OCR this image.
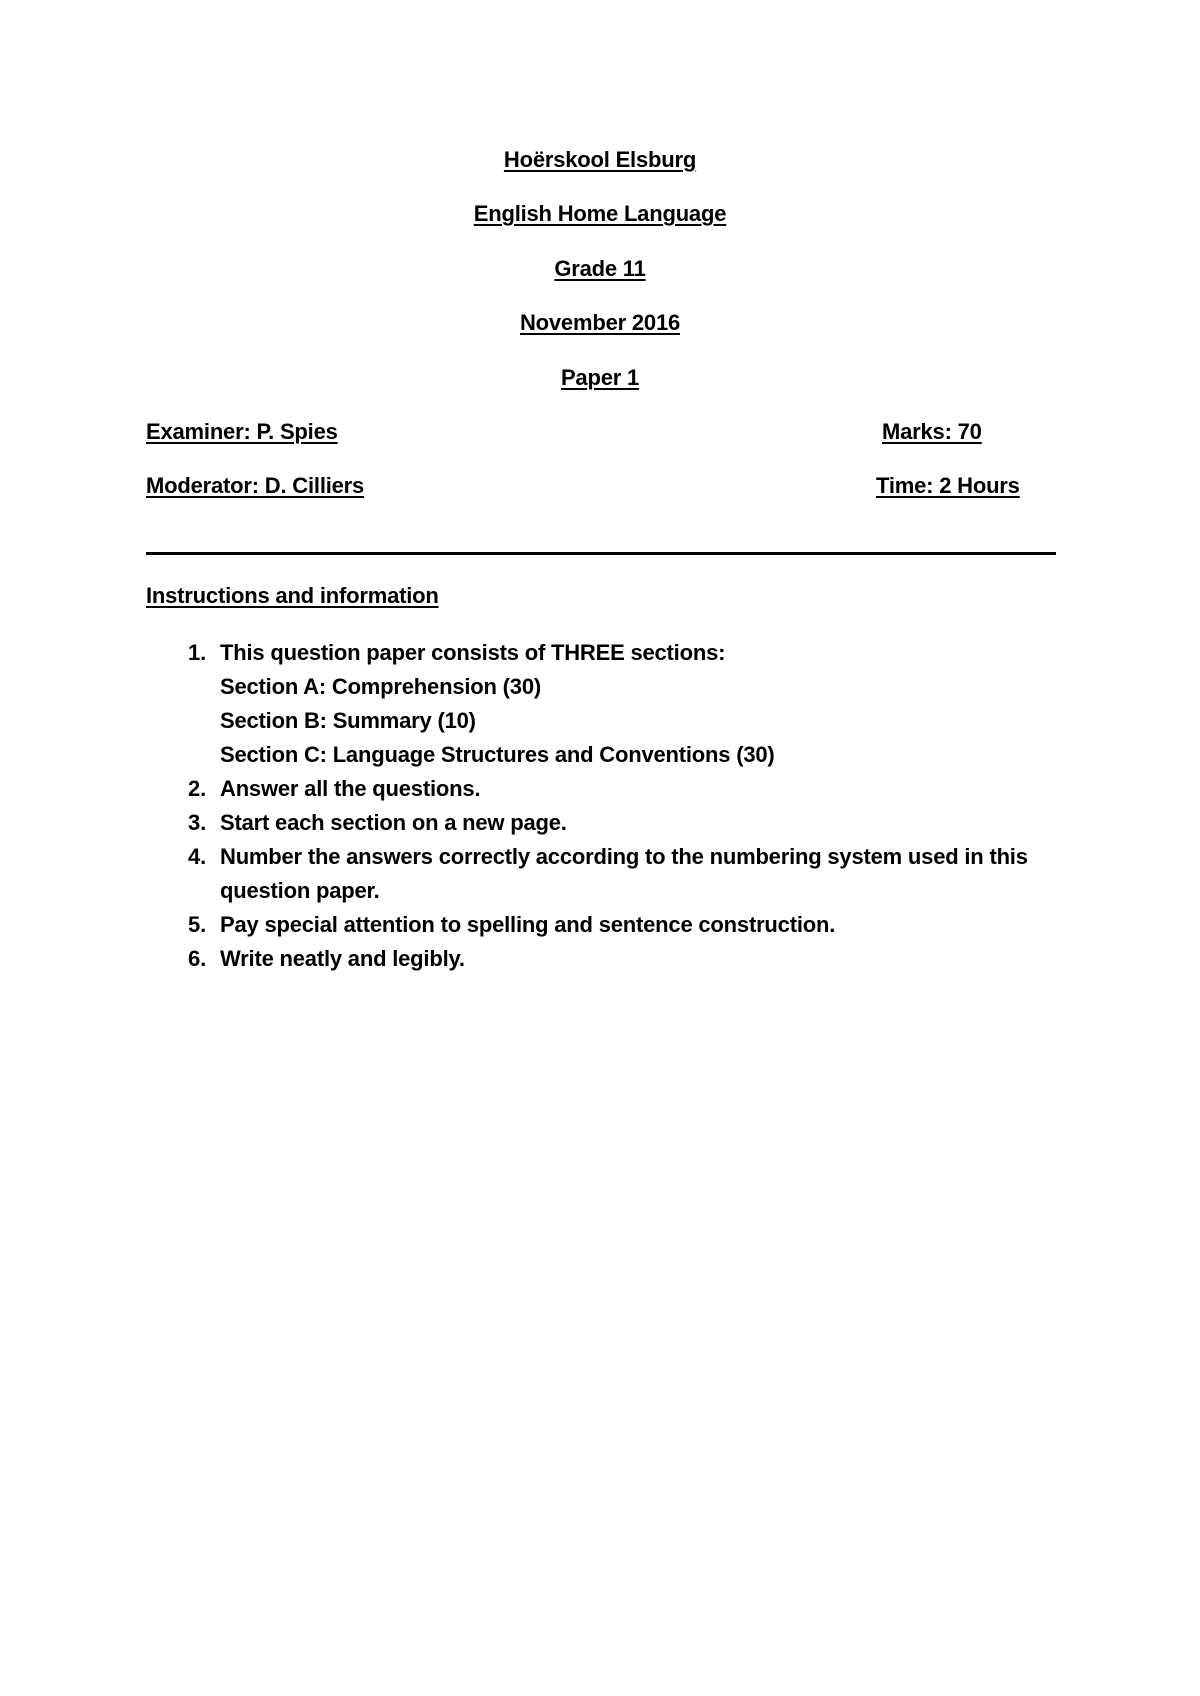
Hoërskool Elsburg
English Home Language
Grade 11
November 2016
Paper 1
Examiner: P. Spies	Marks: 70
Moderator: D. Cilliers	Time: 2 Hours
Instructions and information
1. This question paper consists of THREE sections:
Section A: Comprehension (30)
Section B: Summary (10)
Section C: Language Structures and Conventions (30)
2. Answer all the questions.
3. Start each section on a new page.
4. Number the answers correctly according to the numbering system used in this question paper.
5. Pay special attention to spelling and sentence construction.
6. Write neatly and legibly.
